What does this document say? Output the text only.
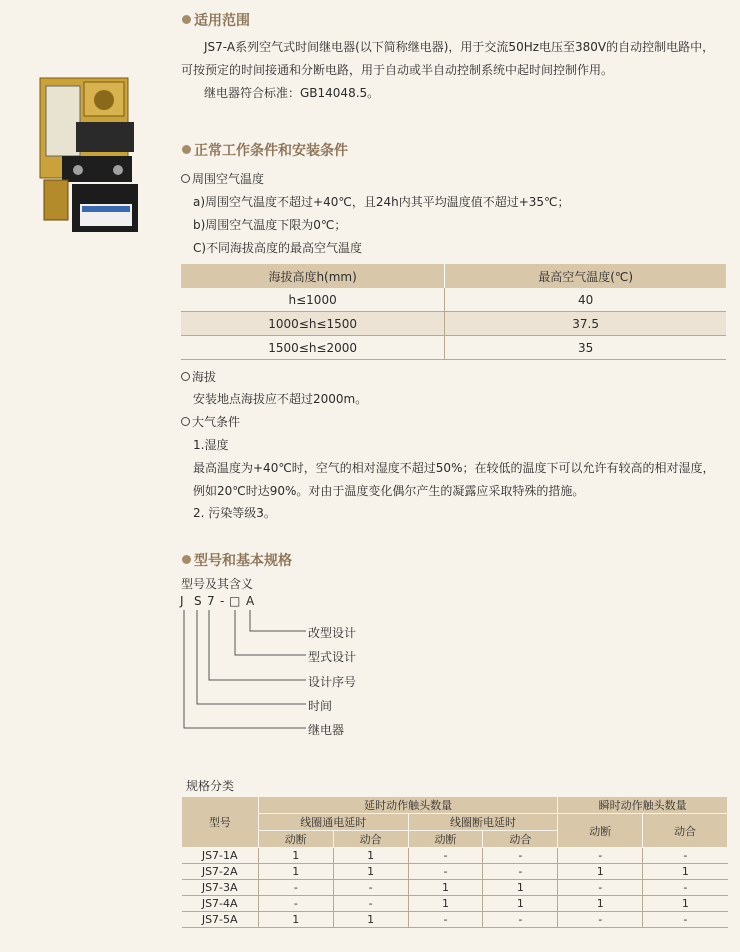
适用范围
JS7-A系列空气式时间继电器(以下简称继电器)，用于交流50Hz电压至380V的自动控制电路中，
可按预定的时间接通和分断电路，用于自动或半自动控制系统中起时间控制作用。
继电器符合标准：GB14048.5。
正常工作条件和安装条件
周围空气温度
a)周围空气温度不超过+40℃，且24h内其平均温度值不超过+35℃；
b)周围空气温度下限为0℃；
C)不同海拔高度的最高空气温度
海拔高度h(mm)	最高空气温度(℃)
h≤1000	40
1000≤h≤1500	37.5
1500≤h≤2000	35
海拔
安装地点海拔应不超过2000m。
大气条件
1.湿度
最高温度为+40℃时，空气的相对湿度不超过50%；在较低的温度下可以允许有较高的相对湿度，
例如20℃时达90%。对由于温度变化偶尔产生的凝露应采取特殊的措施。
2. 污染等级3。
型号和基本规格
型号及其含义
J S 7 - □ A
改型设计
型式设计
设计序号
时间
继电器
规格分类
型号	延时动作触头数量				瞬时动作触头数量	
	线圈通电延时		线圈断电延时		动断	动合
	动断	动合	动断	动合		
JS7-1A	1	1	-	-	-	-
JS7-2A	1	1	-	-	1	1
JS7-3A	-	-	1	1	-	-
JS7-4A	-	-	1	1	1	1
JS7-5A	1	1	-	-	-	-
